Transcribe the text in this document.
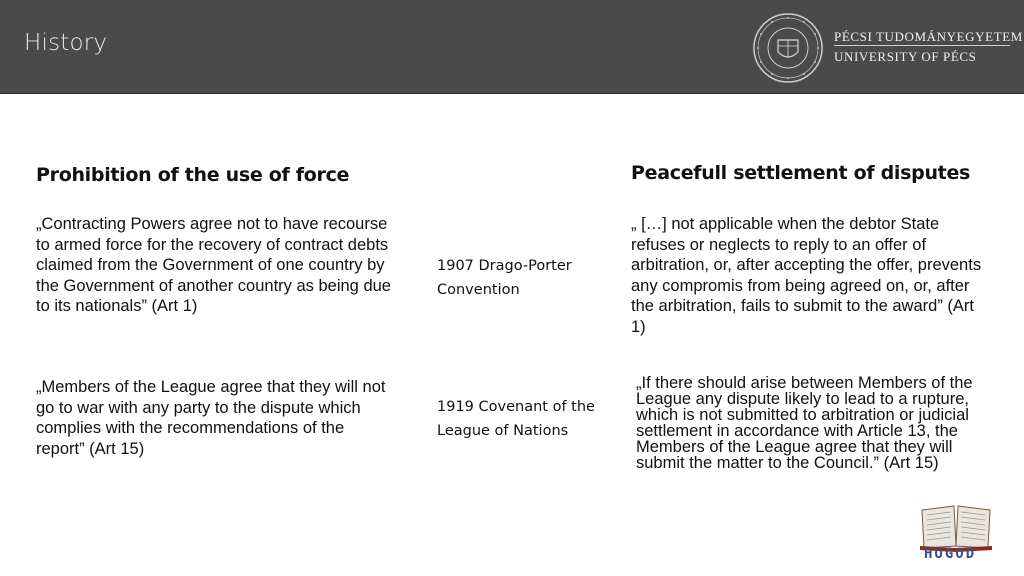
History	PÉCSI TUDOMÁNYEGYETEM
UNIVERSITY OF PÉCS
Prohibition of the use of force	Peacefull settlement of disputes
„Contracting Powers agree not to have recourse to armed force for the recovery of contract debts claimed from the Government of one country by the Government of another country as being due to its nationals” (Art 1)
1907 Drago-Porter Convention
„ […] not applicable when the debtor State refuses or neglects to reply to an offer of arbitration, or, after accepting the offer, prevents any compromis from being agreed on, or, after the arbitration, fails to submit to the award” (Art 1)
„Members of the League agree that they will not go to war with any party to the dispute which complies with the recommendations of the report” (Art 15)
1919 Covenant of the League of Nations
„If there should arise between Members of the League any dispute likely to lead to a rupture, which is not submitted to arbitration or judicial settlement in accordance with Article 13, the Members of the League agree that they will submit the matter to the Council.” (Art 15)
HUGOD
